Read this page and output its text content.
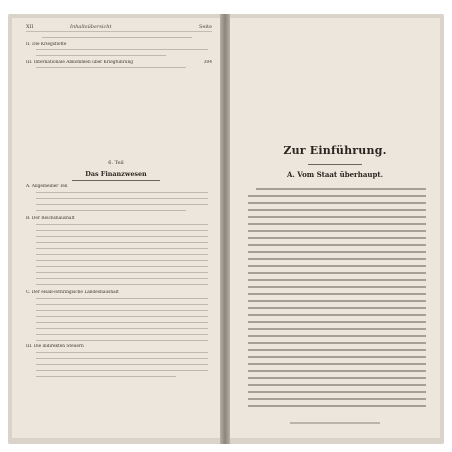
XII	Inhaltsübersicht	Seite
II. Die Kriegsflotte
III. Internationale Abkommen über Kriegführung	304
6. Teil
Das Finanzwesen
A. Allgemeiner Teil
B. Der Reichshaushalt
C. Der elsaß-lothringische Landeshaushalt
III. Die indirekten Steuern
Zur Einführung.
A. Vom Staat überhaupt.
